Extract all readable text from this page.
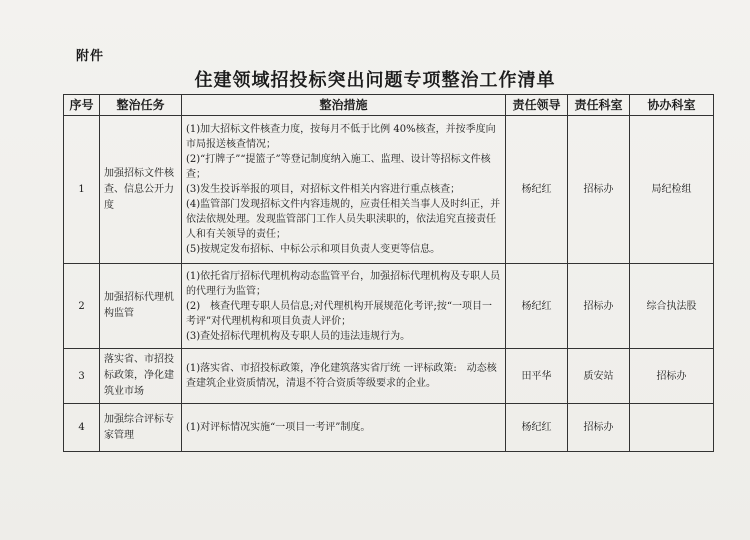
附件
住建领域招投标突出问题专项整治工作清单
序号	整治任务	整治措施	责任领导	责任科室	协办科室
1	加强招标文件核查、信息公开力度	(1)加大招标文件核查力度，按每月不低于比例 40%核查，并按季度向市局报送核查情况；
(2)“打牌子”“提篮子”等登记制度纳入施工、监理、设计等招标文件核查；
(3)发生投诉举报的项目，对招标文件相关内容进行重点核查；
(4)监管部门发现招标文件内容违规的，应责任相关当事人及时纠正，并依法依规处理。发现监管部门工作人员失职渎职的，依法追究直接责任人和有关领导的责任；
(5)按规定发布招标、中标公示和项目负责人变更等信息。	杨纪红	招标办	局纪检组
2	加强招标代理机构监管	(1)依托省厅招标代理机构动态监管平台，加强招标代理机构及专职人员的代理行为监管；
(2)　核查代理专职人员信息;对代理机构开展规范化考评;按“一项目一考评”对代理机构和项目负责人评价；
(3)查处招标代理机构及专职人员的违法违规行为。	杨纪红	招标办	综合执法股
3	落实省、市招投标政策，净化建筑业市场	(1)落实省、市招投标政策，净化建筑落实省厅统 一评标政策:　动态核查建筑企业资质情况，清退不符合资质等级要求的企业。	田平华	质安站	招标办
4	加强综合评标专家管理	(1)对评标情况实施“一项目一考评”制度。	杨纪红	招标办	
